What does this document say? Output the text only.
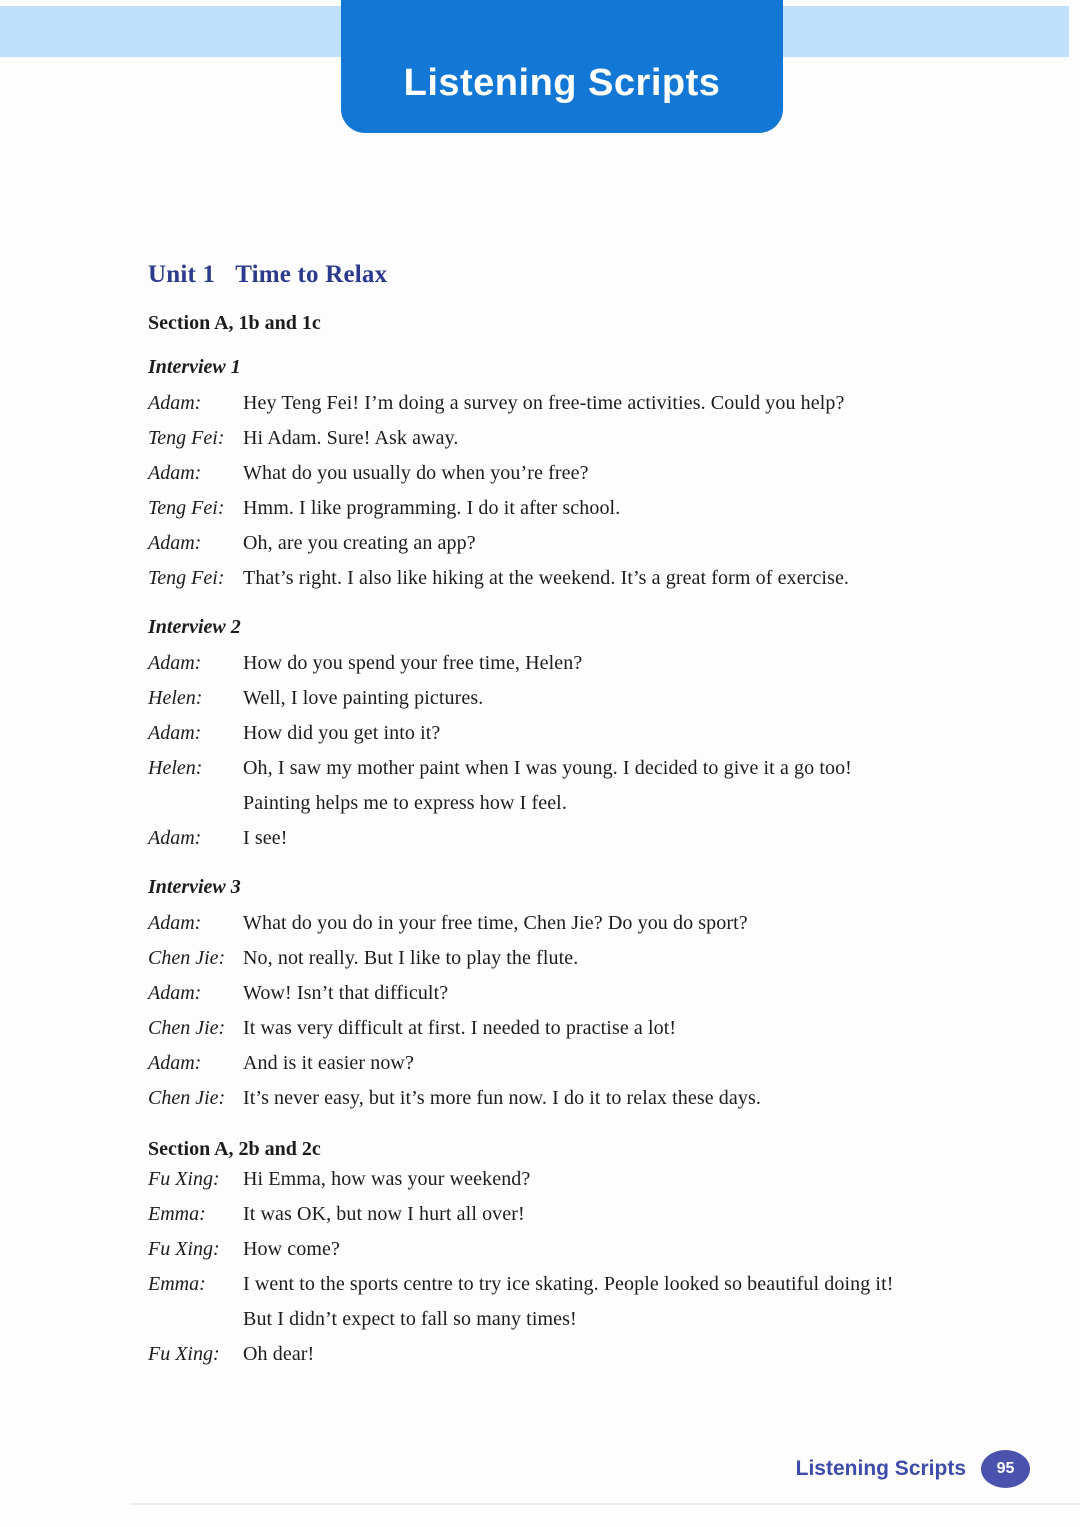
Listening Scripts
Unit 1 Time to Relax
Section A, 1b and 1c
Interview 1
Adam:	Hey Teng Fei! I’m doing a survey on free-time activities. Could you help?
Teng Fei: Hi Adam. Sure! Ask away.
Adam:	What do you usually do when you’re free?
Teng Fei: Hmm. I like programming. I do it after school.
Adam:	Oh, are you creating an app?
Teng Fei: That’s right. I also like hiking at the weekend. It’s a great form of exercise.
Interview 2
Adam:	How do you spend your free time, Helen?
Helen:	Well, I love painting pictures.
Adam:	How did you get into it?
Helen:	Oh, I saw my mother paint when I was young. I decided to give it a go too!
Painting helps me to express how I feel.
Adam:	I see!
Interview 3
Adam:	What do you do in your free time, Chen Jie? Do you do sport?
Chen Jie: No, not really. But I like to play the flute.
Adam:	Wow! Isn’t that difficult?
Chen Jie: It was very difficult at first. I needed to practise a lot!
Adam:	And is it easier now?
Chen Jie: It’s never easy, but it’s more fun now. I do it to relax these days.
Section A, 2b and 2c
Fu Xing:	Hi Emma, how was your weekend?
Emma:	It was OK, but now I hurt all over!
Fu Xing:	How come?
Emma:	I went to the sports centre to try ice skating. People looked so beautiful doing it!
But I didn’t expect to fall so many times!
Fu Xing:	Oh dear!
Listening Scripts	95
